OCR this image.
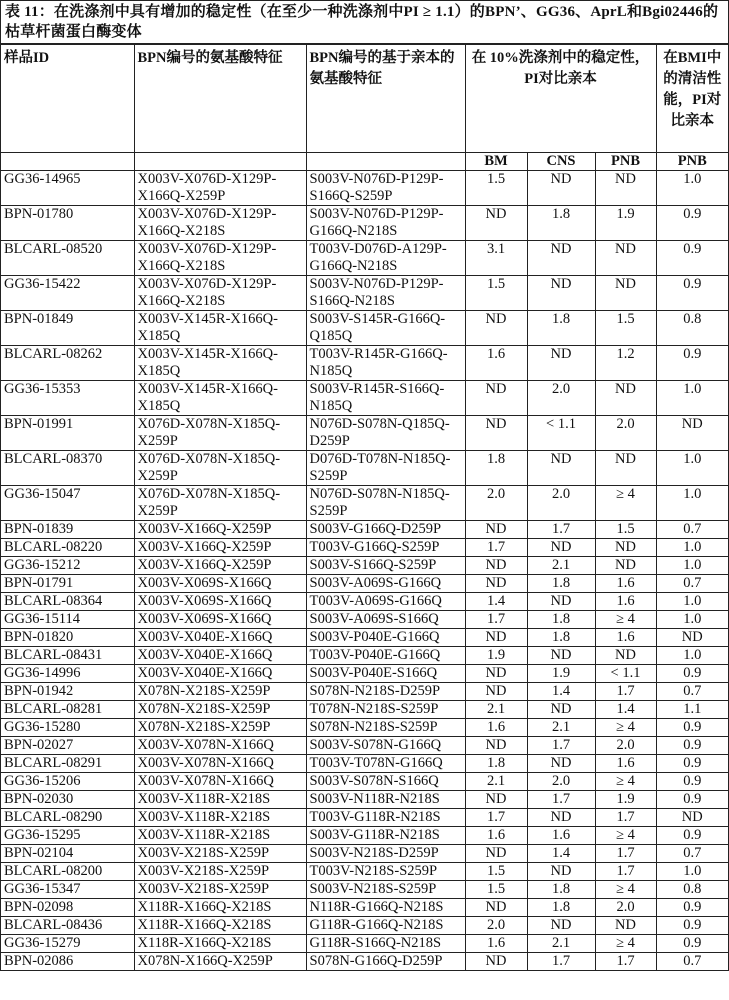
表 11：在洗涤剂中具有增加的稳定性（在至少一种洗涤剂中PI ≥ 1.1）的BPN’、GG36、AprL和Bgi02446的枯草杆菌蛋白酶变体
样品ID	BPN编号的氨基酸特征	BPN编号的基于亲本的氨基酸特征	在 10%洗涤剂中的稳定性，PI对比亲本			在BMI中的清洁性能，PI对比亲本
			BM	CNS	PNB	PNB
GG36-14965	X003V-X076D-X129P-X166Q-X259P	S003V-N076D-P129P-S166Q-S259P	1.5	ND	ND	1.0
BPN-01780	X003V-X076D-X129P-X166Q-X218S	S003V-N076D-P129P-G166Q-N218S	ND	1.8	1.9	0.9
BLCARL-08520	X003V-X076D-X129P-X166Q-X218S	T003V-D076D-A129P-G166Q-N218S	3.1	ND	ND	0.9
GG36-15422	X003V-X076D-X129P-X166Q-X218S	S003V-N076D-P129P-S166Q-N218S	1.5	ND	ND	0.9
BPN-01849	X003V-X145R-X166Q-X185Q	S003V-S145R-G166Q-Q185Q	ND	1.8	1.5	0.8
BLCARL-08262	X003V-X145R-X166Q-X185Q	T003V-R145R-G166Q-N185Q	1.6	ND	1.2	0.9
GG36-15353	X003V-X145R-X166Q-X185Q	S003V-R145R-S166Q-N185Q	ND	2.0	ND	1.0
BPN-01991	X076D-X078N-X185Q-X259P	N076D-S078N-Q185Q-D259P	ND	< 1.1	2.0	ND
BLCARL-08370	X076D-X078N-X185Q-X259P	D076D-T078N-N185Q-S259P	1.8	ND	ND	1.0
GG36-15047	X076D-X078N-X185Q-X259P	N076D-S078N-N185Q-S259P	2.0	2.0	≥ 4	1.0
BPN-01839	X003V-X166Q-X259P	S003V-G166Q-D259P	ND	1.7	1.5	0.7
BLCARL-08220	X003V-X166Q-X259P	T003V-G166Q-S259P	1.7	ND	ND	1.0
GG36-15212	X003V-X166Q-X259P	S003V-S166Q-S259P	ND	2.1	ND	1.0
BPN-01791	X003V-X069S-X166Q	S003V-A069S-G166Q	ND	1.8	1.6	0.7
BLCARL-08364	X003V-X069S-X166Q	T003V-A069S-G166Q	1.4	ND	1.6	1.0
GG36-15114	X003V-X069S-X166Q	S003V-A069S-S166Q	1.7	1.8	≥ 4	1.0
BPN-01820	X003V-X040E-X166Q	S003V-P040E-G166Q	ND	1.8	1.6	ND
BLCARL-08431	X003V-X040E-X166Q	T003V-P040E-G166Q	1.9	ND	ND	1.0
GG36-14996	X003V-X040E-X166Q	S003V-P040E-S166Q	ND	1.9	< 1.1	0.9
BPN-01942	X078N-X218S-X259P	S078N-N218S-D259P	ND	1.4	1.7	0.7
BLCARL-08281	X078N-X218S-X259P	T078N-N218S-S259P	2.1	ND	1.4	1.1
GG36-15280	X078N-X218S-X259P	S078N-N218S-S259P	1.6	2.1	≥ 4	0.9
BPN-02027	X003V-X078N-X166Q	S003V-S078N-G166Q	ND	1.7	2.0	0.9
BLCARL-08291	X003V-X078N-X166Q	T003V-T078N-G166Q	1.8	ND	1.6	0.9
GG36-15206	X003V-X078N-X166Q	S003V-S078N-S166Q	2.1	2.0	≥ 4	0.9
BPN-02030	X003V-X118R-X218S	S003V-N118R-N218S	ND	1.7	1.9	0.9
BLCARL-08290	X003V-X118R-X218S	T003V-G118R-N218S	1.7	ND	1.7	ND
GG36-15295	X003V-X118R-X218S	S003V-G118R-N218S	1.6	1.6	≥ 4	0.9
BPN-02104	X003V-X218S-X259P	S003V-N218S-D259P	ND	1.4	1.7	0.7
BLCARL-08200	X003V-X218S-X259P	T003V-N218S-S259P	1.5	ND	1.7	1.0
GG36-15347	X003V-X218S-X259P	S003V-N218S-S259P	1.5	1.8	≥ 4	0.8
BPN-02098	X118R-X166Q-X218S	N118R-G166Q-N218S	ND	1.8	2.0	0.9
BLCARL-08436	X118R-X166Q-X218S	G118R-G166Q-N218S	2.0	ND	ND	0.9
GG36-15279	X118R-X166Q-X218S	G118R-S166Q-N218S	1.6	2.1	≥ 4	0.9
BPN-02086	X078N-X166Q-X259P	S078N-G166Q-D259P	ND	1.7	1.7	0.7
